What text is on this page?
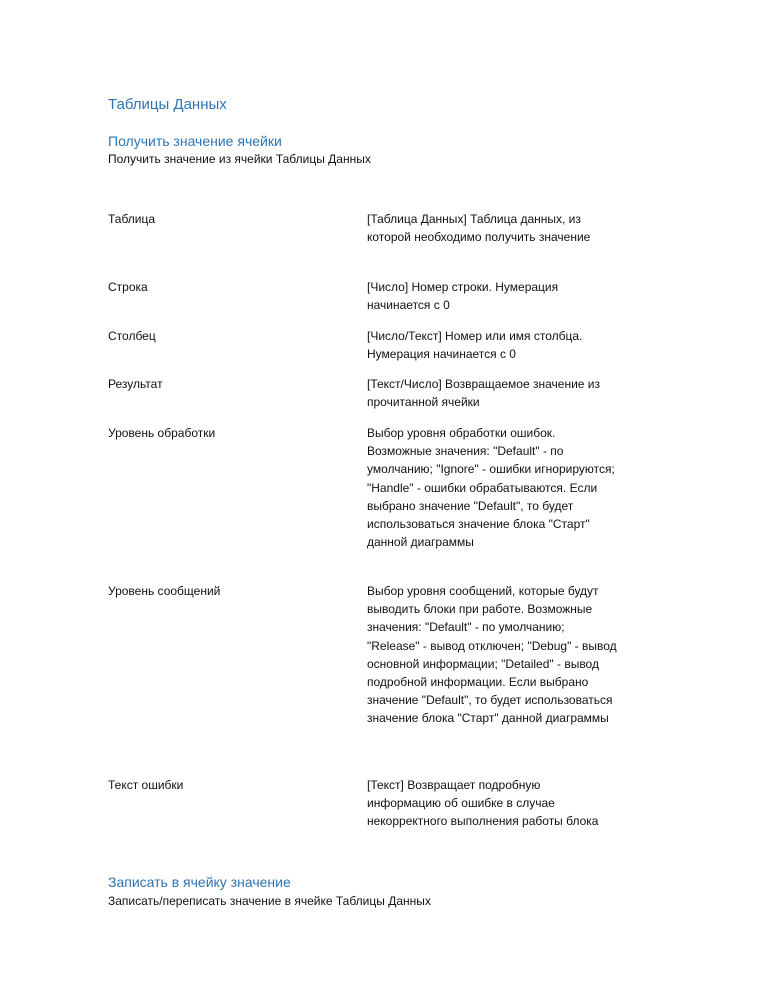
Таблицы Данных
Получить значение ячейки
Получить значение из ячейки Таблицы Данных
Таблица	[Таблица Данных] Таблица данных, из которой необходимо получить значение
Строка	[Число] Номер строки. Нумерация начинается с 0
Столбец	[Число/Текст] Номер или имя столбца. Нумерация начинается с 0
Результат	[Текст/Число] Возвращаемое значение из прочитанной ячейки
Уровень обработки	Выбор уровня обработки ошибок. Возможные значения: "Default" - по умолчанию; "Ignore" - ошибки игнорируются; "Handle" - ошибки обрабатываются. Если выбрано значение "Default", то будет использоваться значение блока "Старт" данной диаграммы
Уровень сообщений	Выбор уровня сообщений, которые будут выводить блоки при работе. Возможные значения: "Default" - по умолчанию; "Release" - вывод отключен; "Debug" - вывод основной информации; "Detailed" - вывод подробной информации. Если выбрано значение "Default", то будет использоваться значение блока "Старт" данной диаграммы
Текст ошибки	[Текст] Возвращает подробную информацию об ошибке в случае некорректного выполнения работы блока
Записать в ячейку значение
Записать/переписать значение в ячейке Таблицы Данных
